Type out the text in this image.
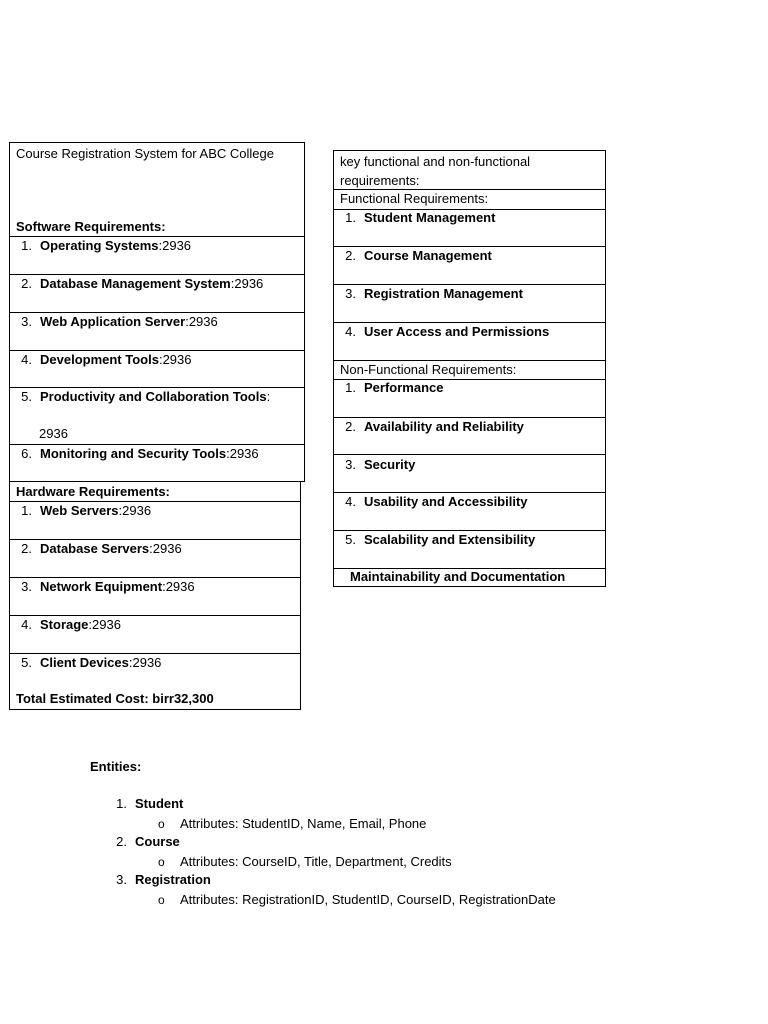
Course Registration System for ABC College
Software Requirements:
1. Operating Systems:2936
2. Database Management System:2936
3. Web Application Server:2936
4. Development Tools:2936
5. Productivity and Collaboration Tools:
2936
6. Monitoring and Security Tools:2936
Hardware Requirements:
1. Web Servers:2936
2. Database Servers:2936
3. Network Equipment:2936
4. Storage:2936
5. Client Devices:2936
Total Estimated Cost: birr32,300
key functional and non-functional
requirements:
Functional Requirements:
1. Student Management
2. Course Management
3. Registration Management
4. User Access and Permissions
Non-Functional Requirements:
1. Performance
2. Availability and Reliability
3. Security
4. Usability and Accessibility
5. Scalability and Extensibility
Maintainability and Documentation
Entities:
1. Student
o Attributes: StudentID, Name, Email, Phone
2. Course
o Attributes: CourseID, Title, Department, Credits
3. Registration
o Attributes: RegistrationID, StudentID, CourseID, RegistrationDate
